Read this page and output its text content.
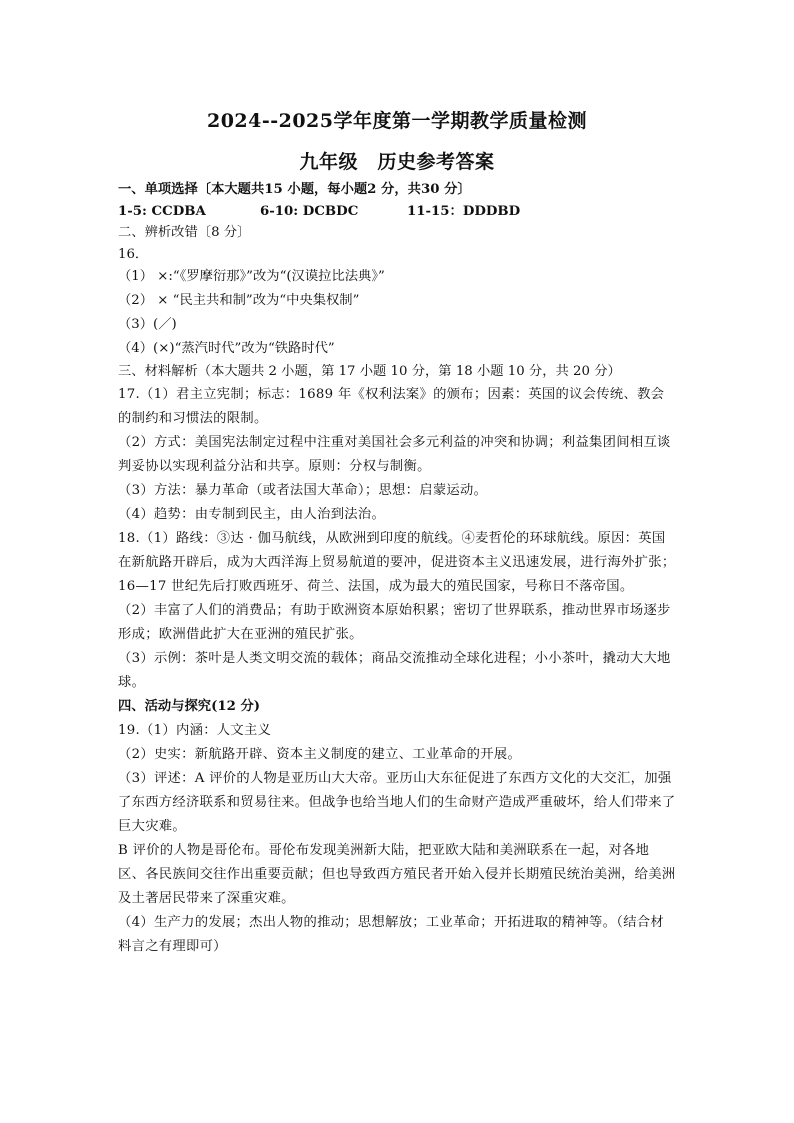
2024--2025学年度第一学期教学质量检测
九年级　历史参考答案
一、单项选择〔本大题共15 小题，每小题2 分，共30 分〕
1-5: CCDBA	6-10: DCBDC	11-15：DDDBD
二、辨析改错〔8 分〕
16．
（1） ×:“《罗摩衍那》”改为“(汉谟拉比法典》”
（2） × “民主共和制”改为“中央集权制”
（3）(／)
（4）(×)“蒸汽时代”改为“铁路时代”
三、材料解析（本大题共 2 小题，第 17 小题 10 分，第 18 小题 10 分，共 20 分）

17.（1）君主立宪制；标志：1689 年《权利法案》的颁布；因素：英国的议会传统、教会的制约和习惯法的限制。

（2）方式：美国宪法制定过程中注重对美国社会多元利益的冲突和协调；利益集团间相互谈判妥协以实现利益分沾和共享。原则：分权与制衡。

（3）方法：暴力革命（或者法国大革命）；思想：启蒙运动。

（4）趋势：由专制到民主，由人治到法治。

18.（1）路线：③达 · 伽马航线，从欧洲到印度的航线。④麦哲伦的环球航线。原因：英国在新航路开辟后，成为大西洋海上贸易航道的要冲，促进资本主义迅速发展，进行海外扩张；16—17 世纪先后打败西班牙、荷兰、法国，成为最大的殖民国家，号称日不落帝国。

（2）丰富了人们的消费品；有助于欧洲资本原始积累；密切了世界联系，推动世界市场逐步形成；欧洲借此扩大在亚洲的殖民扩张。

（3）示例：茶叶是人类文明交流的载体；商品交流推动全球化进程；小小茶叶，撬动大大地球。

四、活动与探究(12 分)

19.（1）内涵：人文主义

（2）史实：新航路开辟、资本主义制度的建立、工业革命的开展。

（3）评述：A 评价的人物是亚历山大大帝。亚历山大东征促进了东西方文化的大交汇，加强了东西方经济联系和贸易往来。但战争也给当地人们的生命财产造成严重破坏，给人们带来了巨大灾难。

B 评价的人物是哥伦布。哥伦布发现美洲新大陆，把亚欧大陆和美洲联系在一起，对各地区、各民族间交往作出重要贡献；但也导致西方殖民者开始入侵并长期殖民统治美洲，给美洲及土著居民带来了深重灾难。

（4）生产力的发展；杰出人物的推动；思想解放；工业革命；开拓进取的精神等。（结合材料言之有理即可）
